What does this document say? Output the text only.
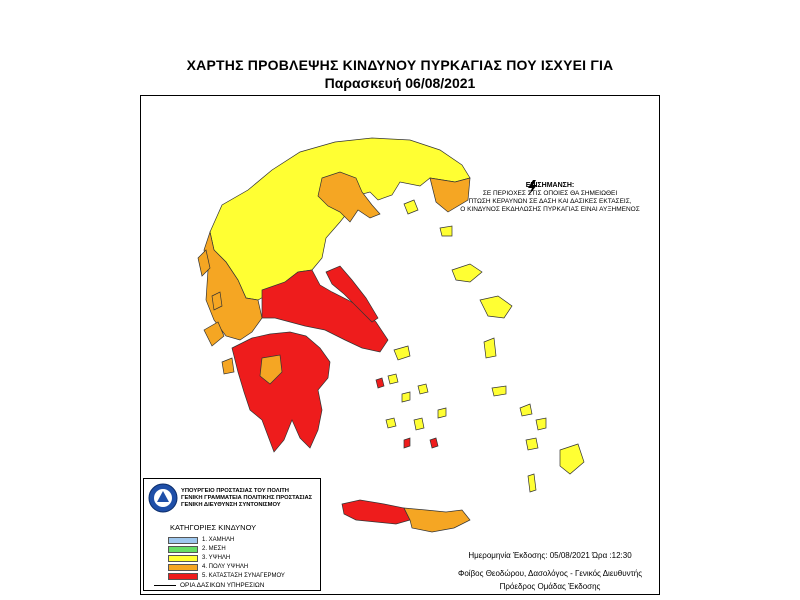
ΧΑΡΤΗΣ ΠΡΟΒΛΕΨΗΣ ΚΙΝΔΥΝΟΥ ΠΥΡΚΑΓΙΑΣ ΠΟΥ ΙΣΧΥΕΙ ΓΙΑ
Παρασκευή 06/08/2021
ΕΠΙΣΗΜΑΝΣΗ:
ΣΕ ΠΕΡΙΟΧΕΣ ΣΤΙΣ ΟΠΟΙΕΣ ΘΑ ΣΗΜΕΙΩΘΕΙ
ΠΤΩΣΗ ΚΕΡΑΥΝΩΝ ΣΕ ΔΑΣΗ ΚΑΙ ΔΑΣΙΚΕΣ ΕΚΤΑΣΕΙΣ,
Ο ΚΙΝΔΥΝΟΣ ΕΚΔΗΛΩΣΗΣ ΠΥΡΚΑΓΙΑΣ ΕΙΝΑΙ ΑΥΞΗΜΕΝΟΣ
ΥΠΟΥΡΓΕΙΟ ΠΡΟΣΤΑΣΙΑΣ ΤΟΥ ΠΟΛΙΤΗ
ΓΕΝΙΚΗ ΓΡΑΜΜΑΤΕΙΑ ΠΟΛΙΤΙΚΗΣ ΠΡΟΣΤΑΣΙΑΣ
ΓΕΝΙΚΗ ΔΙΕΥΘΥΝΣΗ ΣΥΝΤΟΝΙΣΜΟΥ
ΚΑΤΗΓΟΡΙΕΣ ΚΙΝΔΥΝΟΥ
1. ΧΑΜΗΛΗ
2. ΜΕΣΗ
3. ΥΨΗΛΗ
4. ΠΟΛΥ ΥΨΗΛΗ
5. ΚΑΤΑΣΤΑΣΗ ΣΥΝΑΓΕΡΜΟΥ
ΟΡΙΑ ΔΑΣΙΚΩΝ ΥΠΗΡΕΣΙΩΝ
Ημερομηνία Έκδοσης: 05/08/2021 Ώρα :12:30
Φοίβος Θεοδώρου, Δασολόγος - Γενικός Διευθυντής
Πρόεδρος Ομάδας Έκδοσης
